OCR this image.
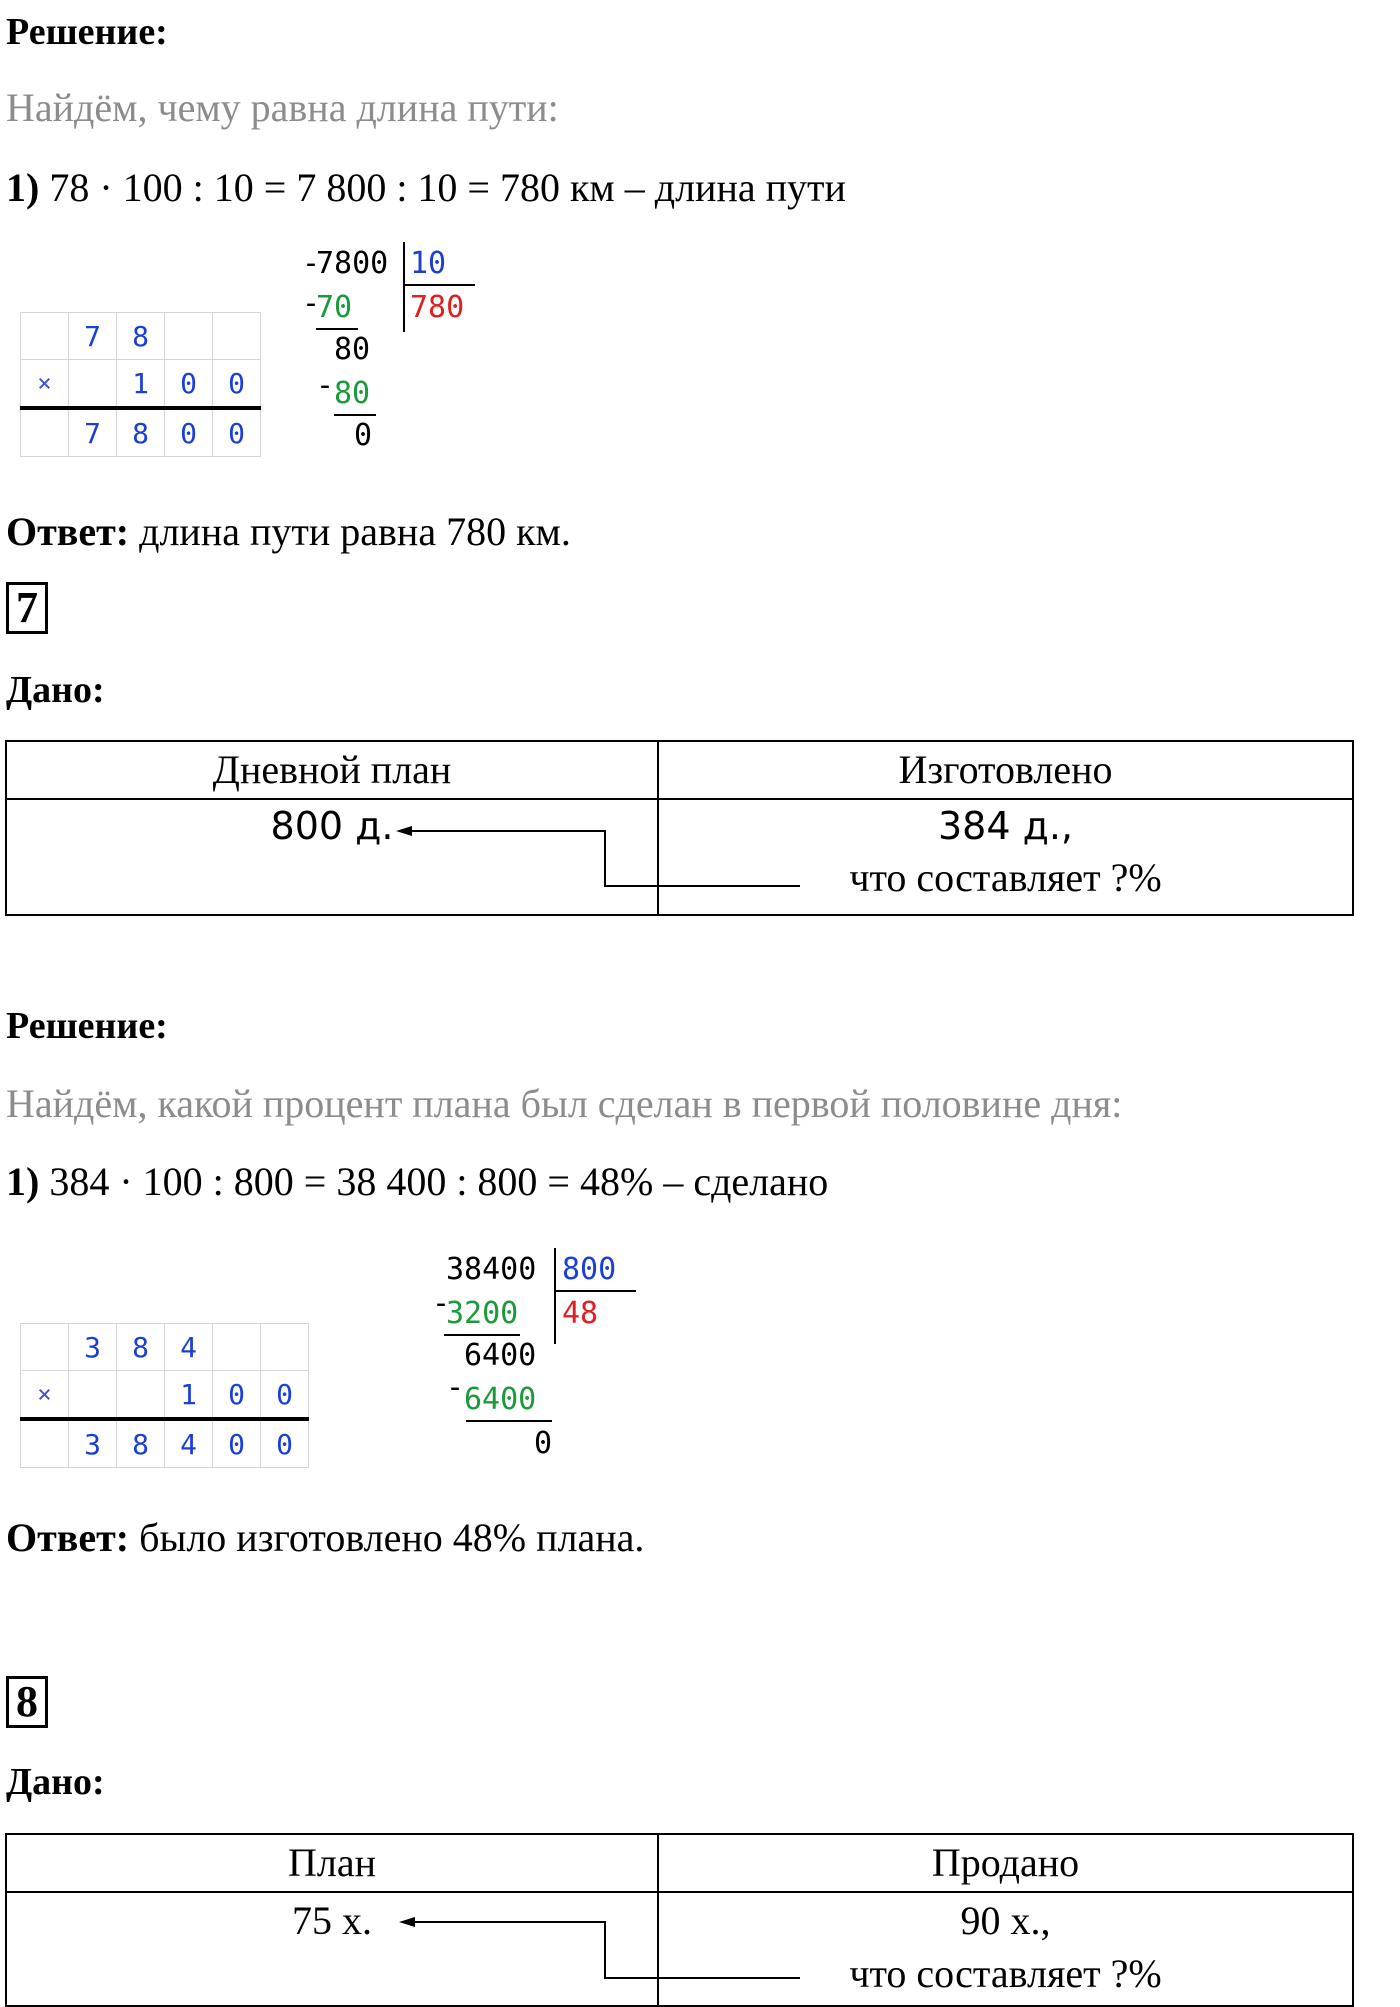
Решение:
Найдём, чему равна длина пути:
1) 78 · 100 : 10 = 7 800 : 10 = 780 км – длина пути
	7	8		
×		1	0	0
	7	8	0	0
-
7800 10
-
70 780
80
- 80
0
Ответ: длина пути равна 780 км.
7
Дано:
Дневной план	Изготовлено

800 д.	384 д.,
что составляет ?%
Решение:
Найдём, какой процент плана был сделан в первой половине дня:
1) 384 · 100 : 800 = 38 400 : 800 = 48% – сделано
	3	8	4		
×			1	0	0
	3	8	4	0	0
38400 800
-
3200 48
6400
- 6400
0
Ответ: было изготовлено 48% плана.
8
Дано:
План	Продано

75 х.	90 х.,
что составляет ?%
